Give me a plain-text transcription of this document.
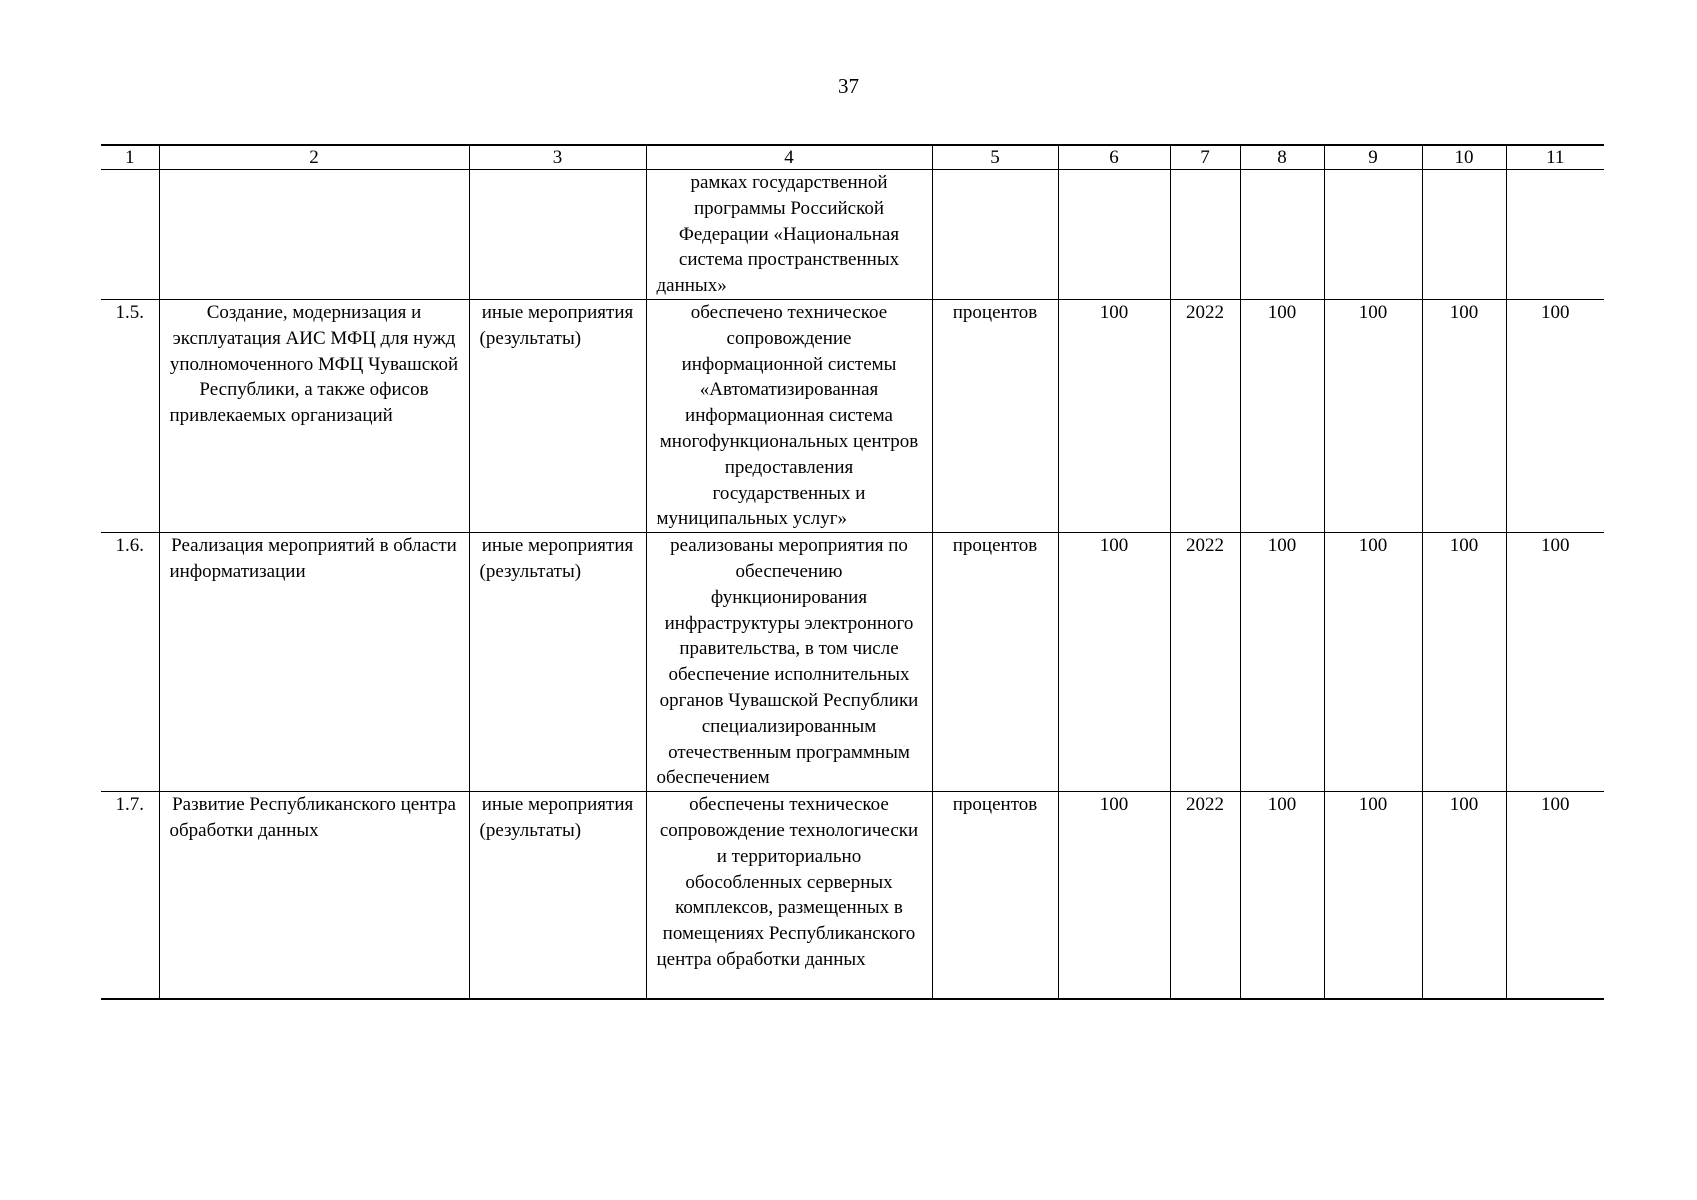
37
1	2	3	4	5	6	7	8	9	10	11
			рамках государственной программы Российской Федерации «Национальная система пространственных данных»							
1.5.	Создание, модернизация и эксплуатация АИС МФЦ для нужд уполномоченного МФЦ Чувашской Республики, а также офисов привлекаемых организаций	иные мероприятия (результаты)	обеспечено техническое сопровождение информационной системы «Автоматизированная информационная система многофункциональных центров предоставления государственных и муниципальных услуг»	процентов	100	2022	100	100	100	100
1.6.	Реализация мероприятий в области информатизации	иные мероприятия (результаты)	реализованы мероприятия по обеспечению функционирования инфраструктуры электронного правительства, в том числе обеспечение исполнительных органов Чувашской Республики специализированным отечественным программным обеспечением	процентов	100	2022	100	100	100	100
1.7.	Развитие Республиканского центра обработки данных	иные мероприятия (результаты)	обеспечены техническое сопровождение технологически и территориально обособленных серверных комплексов, размещенных в помещениях Республиканского центра обработки данных	процентов	100	2022	100	100	100	100
